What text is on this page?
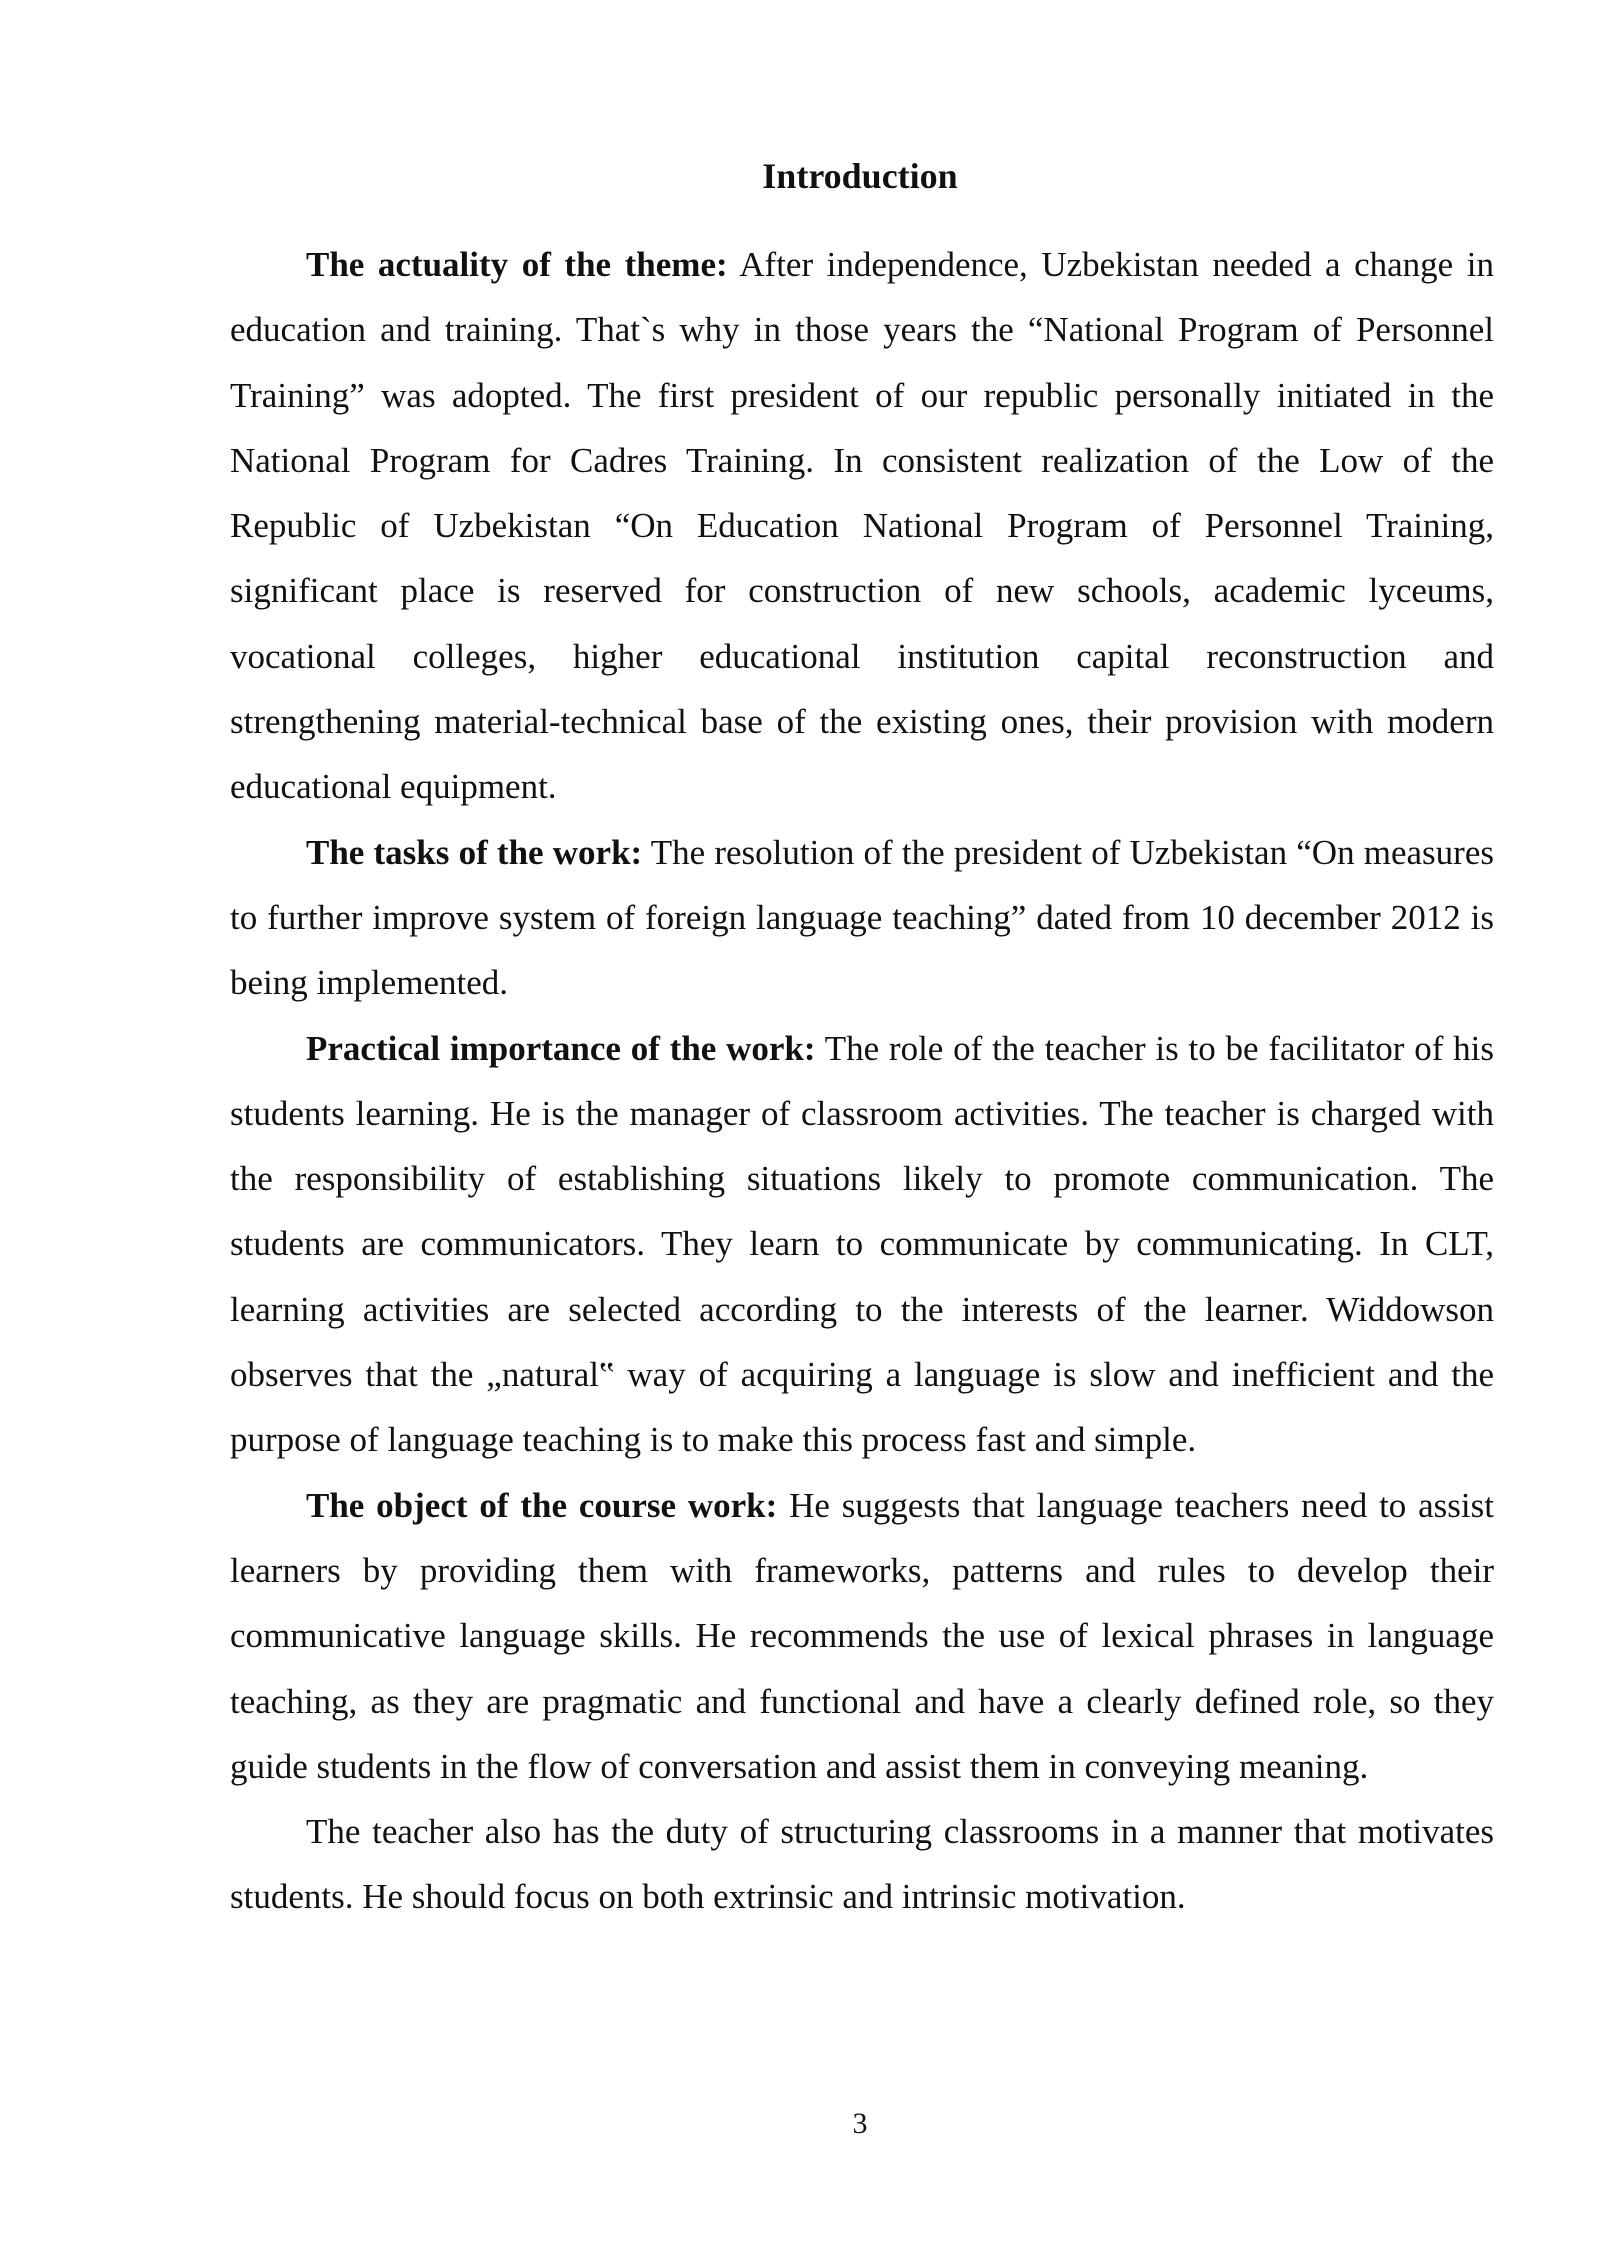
Introduction

The actuality of the theme: After independence, Uzbekistan needed a change in education and training. That`s why in those years the “National Program of Personnel Training” was adopted. The first president of our republic personally initiated in the National Program for Cadres Training. In consistent realization of the Low of the Republic of Uzbekistan “On Education National Program of Personnel Training, significant place is reserved for construction of new schools, academic lyceums, vocational colleges, higher educational institution capital reconstruction and strengthening material-technical base of the existing ones, their provision with modern educational equipment.

The tasks of the work: The resolution of the president of Uzbekistan “On measures to further improve system of foreign language teaching” dated from 10 december 2012 is being implemented.

Practical importance of the work: The role of the teacher is to be facilitator of his students learning. He is the manager of classroom activities. The teacher is charged with the responsibility of establishing situations likely to promote communication. The students are communicators. They learn to communicate by communicating. In CLT, learning activities are selected according to the interests of the learner. Widdowson observes that the „natural‟ way of acquiring a language is slow and inefficient and the purpose of language teaching is to make this process fast and simple.

The object of the course work: He suggests that language teachers need to assist learners by providing them with frameworks, patterns and rules to develop their communicative language skills. He recommends the use of lexical phrases in language teaching, as they are pragmatic and functional and have a clearly defined role, so they guide students in the flow of conversation and assist them in conveying meaning.

The teacher also has the duty of structuring classrooms in a manner that motivates students. He should focus on both extrinsic and intrinsic motivation.

3
